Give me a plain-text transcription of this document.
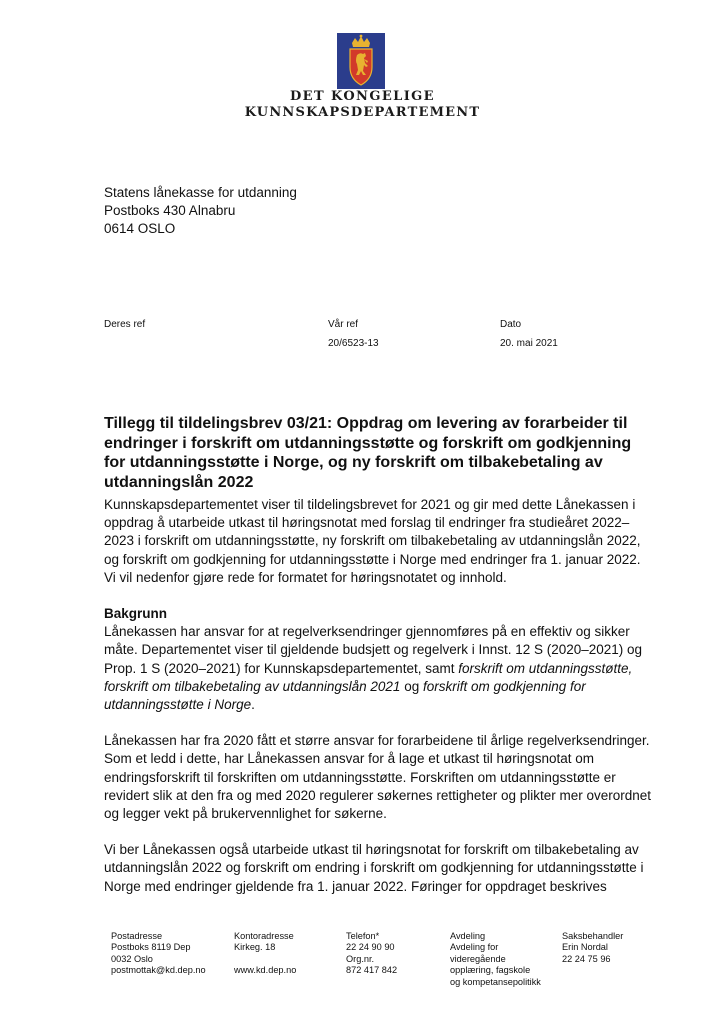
DET KONGELIGE
KUNNSKAPSDEPARTEMENT
Statens lånekasse for utdanning
Postboks 430 Alnabru
0614 OSLO
Deres ref	Vår ref
20/6523-13
Dato
20. mai 2021
Tillegg til tildelingsbrev 03/21: Oppdrag om levering av forarbeider til endringer i forskrift om utdanningsstøtte og forskrift om godkjenning for utdanningsstøtte i Norge, og ny forskrift om tilbakebetaling av utdanningslån 2022

Kunnskapsdepartementet viser til tildelingsbrevet for 2021 og gir med dette Lånekassen i oppdrag å utarbeide utkast til høringsnotat med forslag til endringer fra studieåret 2022–2023 i forskrift om utdanningsstøtte, ny forskrift om tilbakebetaling av utdanningslån 2022, og forskrift om godkjenning for utdanningsstøtte i Norge med endringer fra 1. januar 2022. Vi vil nedenfor gjøre rede for formatet for høringsnotatet og innhold.

Bakgrunn

Lånekassen har ansvar for at regelverksendringer gjennomføres på en effektiv og sikker måte. Departementet viser til gjeldende budsjett og regelverk i Innst. 12 S (2020–2021) og Prop. 1 S (2020–2021) for Kunnskapsdepartementet, samt forskrift om utdanningsstøtte, forskrift om tilbakebetaling av utdanningslån 2021 og forskrift om godkjenning for utdanningsstøtte i Norge.

Lånekassen har fra 2020 fått et større ansvar for forarbeidene til årlige regelverksendringer. Som et ledd i dette, har Lånekassen ansvar for å lage et utkast til høringsnotat om endringsforskrift til forskriften om utdanningsstøtte. Forskriften om utdanningsstøtte er revidert slik at den fra og med 2020 regulerer søkernes rettigheter og plikter mer overordnet og legger vekt på brukervennlighet for søkerne.

Vi ber Lånekassen også utarbeide utkast til høringsnotat for forskrift om tilbakebetaling av utdanningslån 2022 og forskrift om endring i forskrift om godkjenning for utdanningsstøtte i Norge med endringer gjeldende fra 1. januar 2022. Føringer for oppdraget beskrives

Postadresse
Postboks 8119 Dep
0032 Oslo
postmottak@kd.dep.no
Kontoradresse
Kirkeg. 18

www.kd.dep.no
Telefon*
22 24 90 90
Org.nr.
872 417 842
Avdeling
Avdeling for
videregående
opplæring, fagskole
og kompetansepolitikk
Saksbehandler
Erin Nordal
22 24 75 96
